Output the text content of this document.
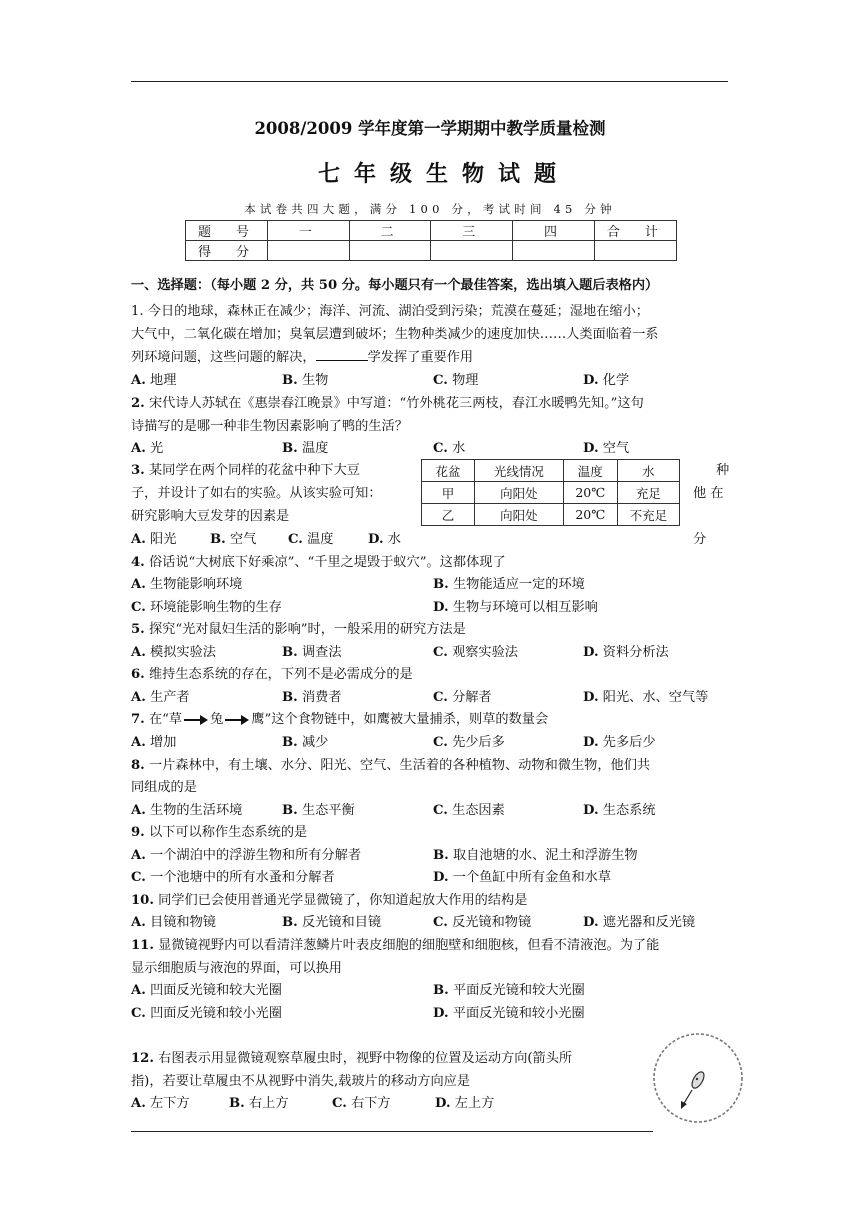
2008/2009 学年度第一学期期中教学质量检测
七年级生物试题
本试卷共四大题，满分 100 分，考试时间 45 分钟
题　号	一	二	三	四	合　计
得　分					
一、选择题：（每小题 2 分，共 50 分。每小题只有一个最佳答案，选出填入题后表格内）
1. 今日的地球，森林正在减少；海洋、河流、湖泊受到污染；荒漠在蔓延；湿地在缩小；
大气中，二氧化碳在增加；臭氧层遭到破坏；生物种类减少的速度加快……人类面临着一系
列环境问题，这些问题的解决，	学发挥了重要作用
A. 地理	B. 生物	C. 物理	D. 化学
2. 宋代诗人苏轼在《惠崇春江晚景》中写道：“竹外桃花三两枝，春江水暖鸭先知。”这句
诗描写的是哪一种非生物因素影响了鸭的生活？
A. 光	B. 温度	C. 水	D. 空气
3. 某同学在两个同样的花盆中种下大豆
子，并设计了如右的实验。从该实验可知：
研究影响大豆发芽的因素是
种
他 在
分
花盆	光线情况	温度	水
甲	向阳处	20℃	充足
乙	向阳处	20℃	不充足
A. 阳光	B. 空气 C. 温度	D. 水
4. 俗话说“大树底下好乘凉”、“千里之堤毁于蚁穴”。这都体现了
A. 生物能影响环境	B. 生物能适应一定的环境
C. 环境能影响生物的生存	D. 生物与环境可以相互影响
5. 探究“光对鼠妇生活的影响”时，一般采用的研究方法是
A. 模拟实验法	B. 调查法	C. 观察实验法	D. 资料分析法
6. 维持生态系统的存在，下列不是必需成分的是
A. 生产者	B. 消费者	C. 分解者	D. 阳光、水、空气等
7. 在“草 兔 鹰”这个食物链中，如鹰被大量捕杀，则草的数量会
A. 增加	B. 减少	C. 先少后多	D. 先多后少
8. 一片森林中，有土壤、水分、阳光、空气、生活着的各种植物、动物和微生物，他们共
同组成的是
A. 生物的生活环境	B. 生态平衡	C. 生态因素	D. 生态系统
9. 以下可以称作生态系统的是
A. 一个湖泊中的浮游生物和所有分解者	B. 取自池塘的水、泥土和浮游生物
C. 一个池塘中的所有水蚤和分解者	D. 一个鱼缸中所有金鱼和水草
10. 同学们已会使用普通光学显微镜了，你知道起放大作用的结构是
A. 目镜和物镜	B. 反光镜和目镜	C. 反光镜和物镜	D. 遮光器和反光镜
11. 显微镜视野内可以看清洋葱鳞片叶表皮细胞的细胞壁和细胞核，但看不清液泡。为了能
显示细胞质与液泡的界面，可以换用
A. 凹面反光镜和较大光圈	B. 平面反光镜和较大光圈
C. 凹面反光镜和较小光圈	D. 平面反光镜和较小光圈
12. 右图表示用显微镜观察草履虫时，视野中物像的位置及运动方向(箭头所
指)，若要让草履虫不从视野中消失,载玻片的移动方向应是
A. 左下方	B. 右上方	C. 右下方	D. 左上方
